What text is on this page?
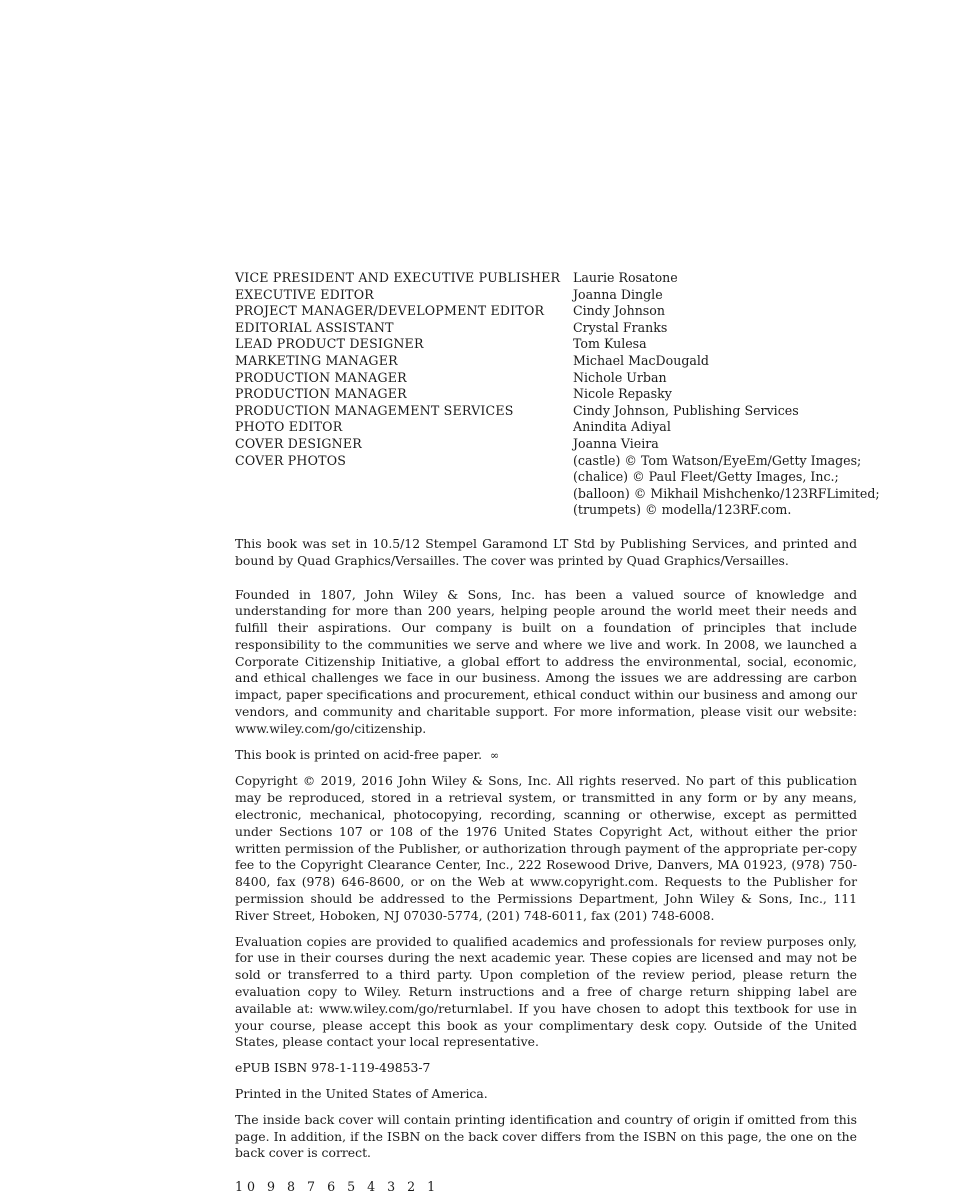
VICE PRESIDENT AND EXECUTIVE PUBLISHER	Laurie Rosatone
EXECUTIVE EDITOR	Joanna Dingle
PROJECT MANAGER/DEVELOPMENT EDITOR	Cindy Johnson
EDITORIAL ASSISTANT	Crystal Franks
LEAD PRODUCT DESIGNER	Tom Kulesa
MARKETING MANAGER	Michael MacDougald
PRODUCTION MANAGER	Nichole Urban
PRODUCTION MANAGER	Nicole Repasky
PRODUCTION MANAGEMENT SERVICES	Cindy Johnson, Publishing Services
PHOTO EDITOR	Anindita Adiyal
COVER DESIGNER	Joanna Vieira
COVER PHOTOS	(castle) © Tom Watson/EyeEm/Getty Images;
(chalice) © Paul Fleet/Getty Images, Inc.;
(balloon) © Mikhail Mishchenko/123RFLimited;
(trumpets) © modella/123RF.com.

This book was set in 10.5/12 Stempel Garamond LT Std by Publishing Services, and printed and bound by Quad Graphics/Versailles. The cover was printed by Quad Graphics/Versailles.

Founded in 1807, John Wiley & Sons, Inc. has been a valued source of knowledge and understanding for more than 200 years, helping people around the world meet their needs and fulfill their aspirations. Our company is built on a foundation of principles that include responsibility to the communities we serve and where we live and work. In 2008, we launched a Corporate Citizenship Initiative, a global effort to address the environmental, social, economic, and ethical challenges we face in our business. Among the issues we are addressing are carbon impact, paper specifications and procurement, ethical conduct within our business and among our vendors, and community and charitable support. For more information, please visit our website: www.wiley.com/go/citizenship.

This book is printed on acid-free paper. ∞

Copyright © 2019, 2016 John Wiley & Sons, Inc. All rights reserved. No part of this publication may be reproduced, stored in a retrieval system, or transmitted in any form or by any means, electronic, mechanical, photocopying, recording, scanning or otherwise, except as permitted under Sections 107 or 108 of the 1976 United States Copyright Act, without either the prior written permission of the Publisher, or authorization through payment of the appropriate per-copy fee to the Copyright Clearance Center, Inc., 222 Rosewood Drive, Danvers, MA 01923, (978) 750-8400, fax (978) 646-8600, or on the Web at www.copyright.com. Requests to the Publisher for permission should be addressed to the Permissions Department, John Wiley & Sons, Inc., 111 River Street, Hoboken, NJ 07030-5774, (201) 748-6011, fax (201) 748-6008.

Evaluation copies are provided to qualified academics and professionals for review purposes only, for use in their courses during the next academic year. These copies are licensed and may not be sold or transferred to a third party. Upon completion of the review period, please return the evaluation copy to Wiley. Return instructions and a free of charge return shipping label are available at: www.wiley.com/go/returnlabel. If you have chosen to adopt this textbook for use in your course, please accept this book as your complimentary desk copy. Outside of the United States, please contact your local representative.

ePUB ISBN 978-1-119-49853-7

Printed in the United States of America.

The inside back cover will contain printing identification and country of origin if omitted from this page. In addition, if the ISBN on the back cover differs from the ISBN on this page, the one on the back cover is correct.

10 9 8 7 6 5 4 3 2 1
